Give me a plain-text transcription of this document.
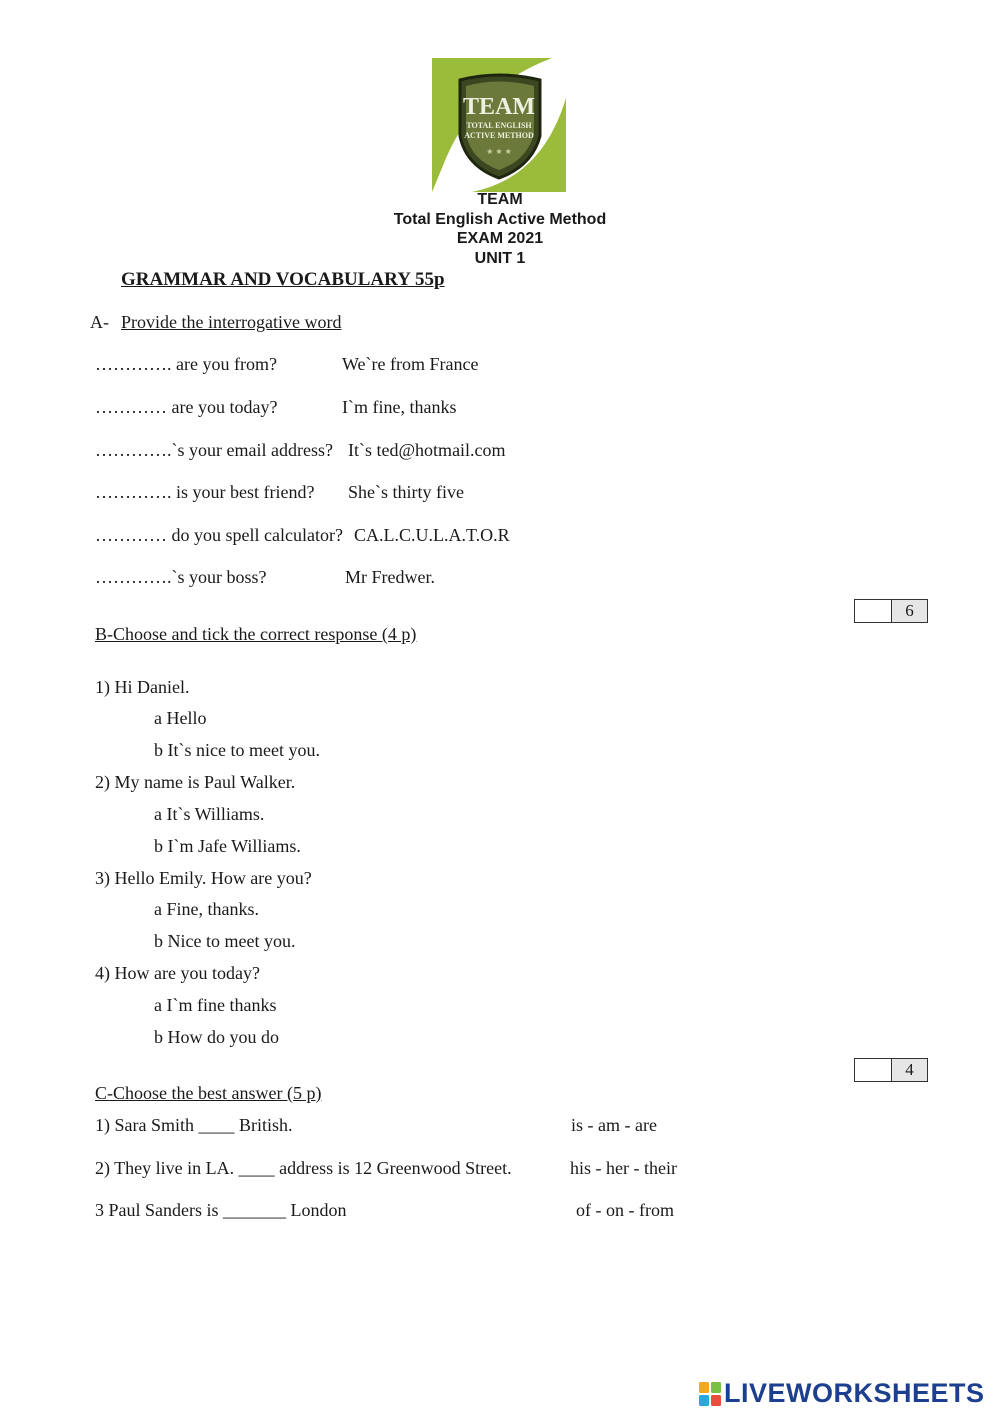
TEAM
TOTAL ENGLISH
ACTIVE METHOD
★ ★ ★
TEAM
Total English Active Method
EXAM 2021
UNIT 1
GRAMMAR AND VOCABULARY 55p
A- Provide the interrogative word
…………. are you from?	We`re from France
………… are you today?	I`m fine, thanks
………….`s your email address? It`s ted@hotmail.com
…………. is your best friend? She`s thirty five
………… do you spell calculator? CA.L.C.U.L.A.T.O.R
………….`s your boss?	Mr Fredwer.
6
B-Choose and tick the correct response (4 p)
1) Hi Daniel.
a Hello
b It`s nice to meet you.
2) My name is Paul Walker.
a It`s Williams.
b I`m Jafe Williams.
3) Hello Emily. How are you?
a Fine, thanks.
b Nice to meet you.
4) How are you today?
a I`m fine thanks
b How do you do
4
C-Choose the best answer (5 p)
1) Sara Smith ____ British.	is - am - are
2) They live in LA. ____ address is 12 Greenwood Street.	his - her - their
3 Paul Sanders is _______ London	of - on - from
LIVEWORKSHEETS
